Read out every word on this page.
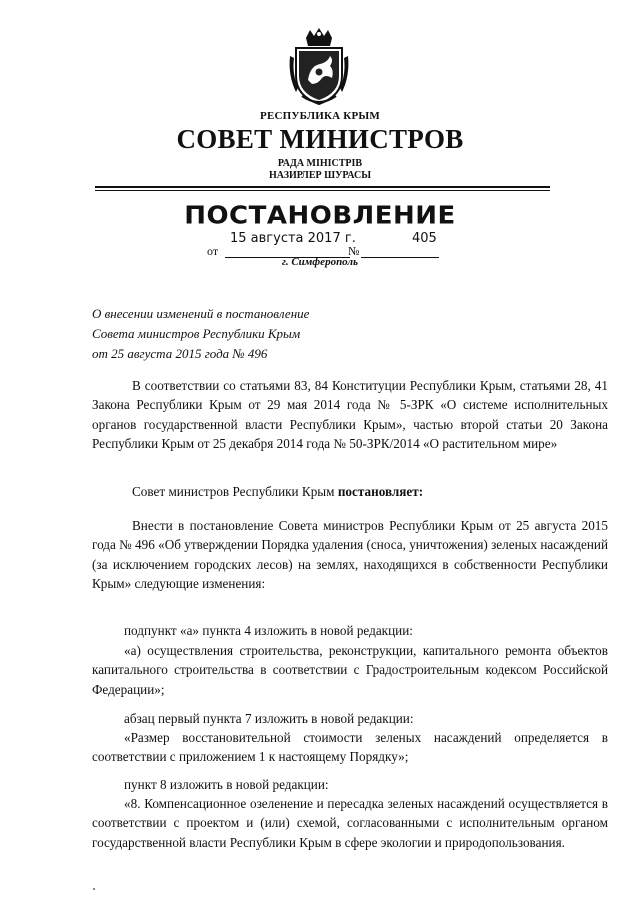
РЕСПУБЛИКА КРЫМ
СОВЕТ МИНИСТРОВ
РАДА МІНІСТРІВ
НАЗИРЛЕР ШУРАСЫ
ПОСТАНОВЛЕНИЕ
от	№
15 августа 2017 г.	405
г. Симферополь
О внесении изменений в постановление
Совета министров Республики Крым
от 25 августа 2015 года № 496
В соответствии со статьями 83, 84 Конституции Республики Крым, статьями 28, 41 Закона Республики Крым от 29 мая 2014 года № 5-ЗРК «О системе исполнительных органов государственной власти Республики Крым», частью второй статьи 20 Закона Республики Крым от 25 декабря 2014 года № 50-ЗРК/2014 «О растительном мире»
Совет министров Республики Крым постановляет:
Внести в постановление Совета министров Республики Крым от 25 августа 2015 года № 496 «Об утверждении Порядка удаления (сноса, уничтожения) зеленых насаждений (за исключением городских лесов) на землях, находящихся в собственности Республики Крым» следующие изменения:
подпункт «а» пункта 4 изложить в новой редакции:
«а) осуществления строительства, реконструкции, капитального ремонта объектов капитального строительства в соответствии с Градостроительным кодексом Российской Федерации»;
абзац первый пункта 7 изложить в новой редакции:
«Размер восстановительной стоимости зеленых насаждений определяется в соответствии с приложением 1 к настоящему Порядку»;
пункт 8 изложить в новой редакции:
«8. Компенсационное озеленение и пересадка зеленых насаждений осуществляется в соответствии с проектом и (или) схемой, согласованными с исполнительным органом государственной власти Республики Крым в сфере экологии и природопользования.
